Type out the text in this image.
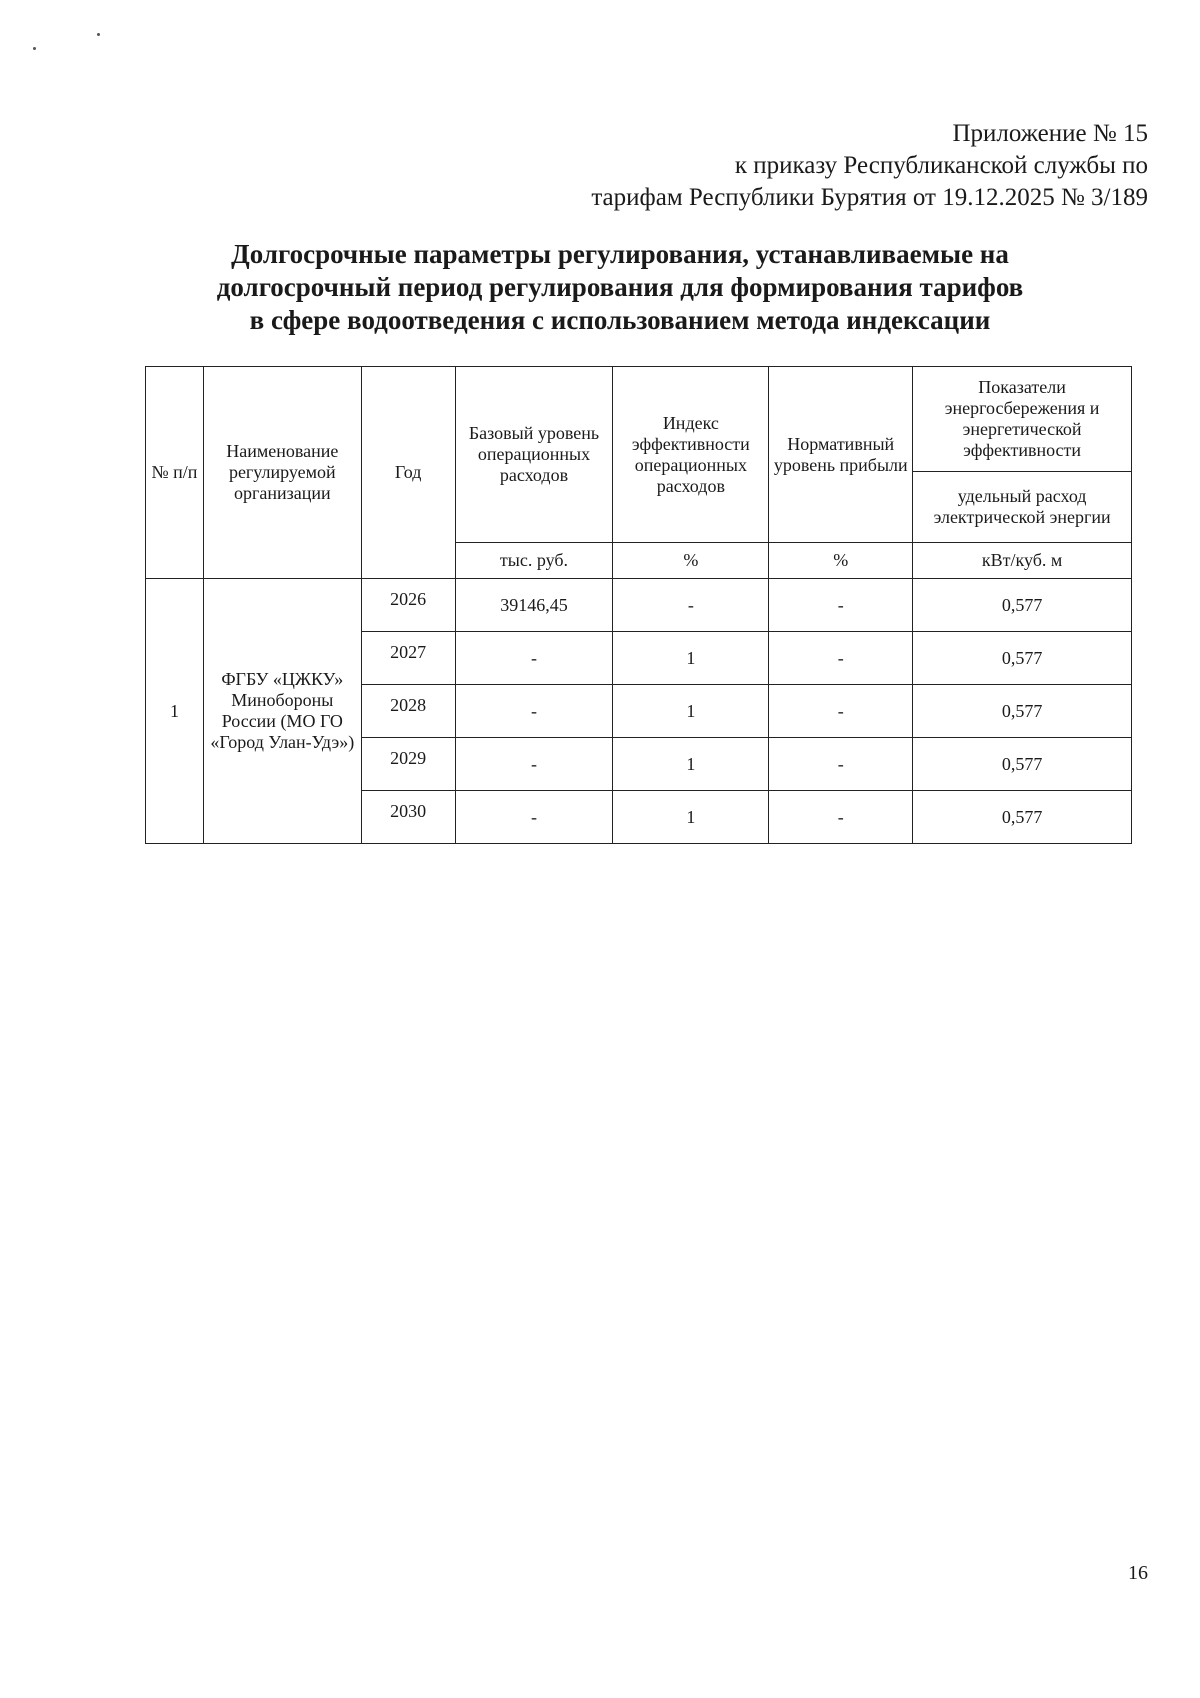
Приложение № 15
к приказу Республиканской службы по
тарифам Республики Бурятия от 19.12.2025 № 3/189
Долгосрочные параметры регулирования, устанавливаемые на
долгосрочный период регулирования для формирования тарифов
в сфере водоотведения с использованием метода индексации
№ п/п	Наименование регулируемой организации	Год	Базовый уровень операционных расходов	Индекс эффективности операционных расходов	Нормативный уровень прибыли	Показатели энергосбережения и энергетической эффективности
						удельный расход электрической энергии
			тыс. руб.	%	%	кВт/куб. м
1	ФГБУ «ЦЖКУ» Минобороны России (МО ГО «Город Улан-Удэ»)	2026	39146,45	-	-	0,577
		2027	-	1	-	0,577
		2028	-	1	-	0,577
		2029	-	1	-	0,577
		2030	-	1	-	0,577
16
